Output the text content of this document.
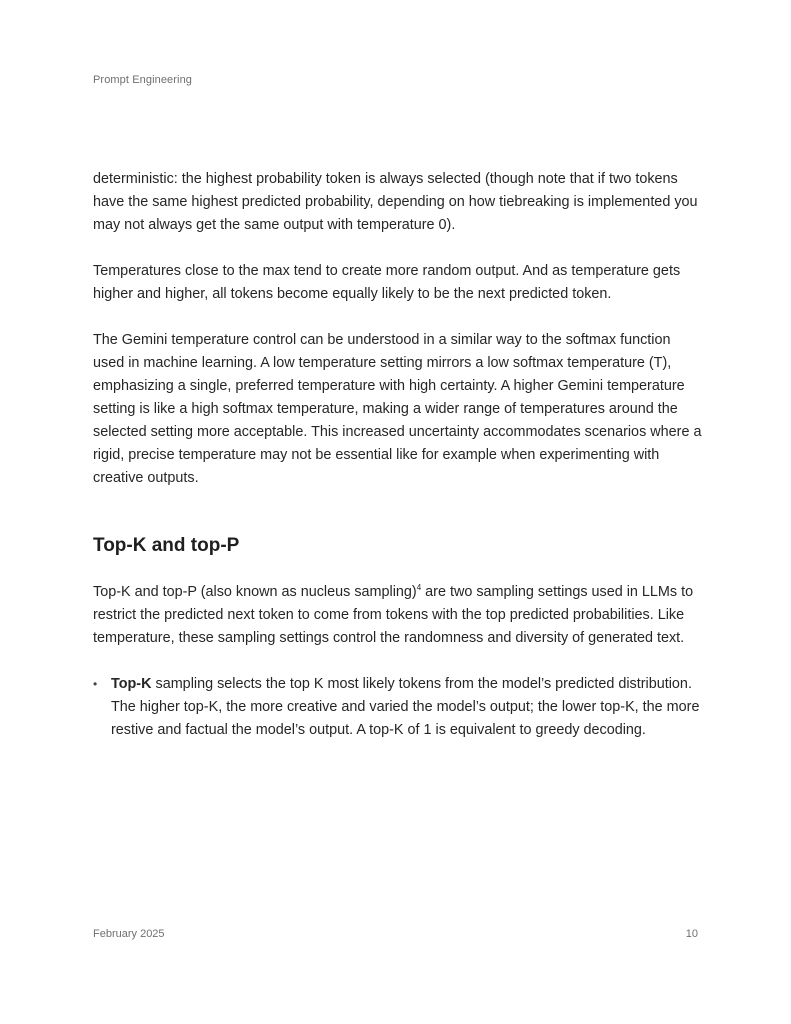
Prompt Engineering

deterministic: the highest probability token is always selected (though note that if two tokens have the same highest predicted probability, depending on how tiebreaking is implemented you may not always get the same output with temperature 0).

Temperatures close to the max tend to create more random output. And as temperature gets higher and higher, all tokens become equally likely to be the next predicted token.

The Gemini temperature control can be understood in a similar way to the softmax function used in machine learning. A low temperature setting mirrors a low softmax temperature (T), emphasizing a single, preferred temperature with high certainty. A higher Gemini temperature setting is like a high softmax temperature, making a wider range of temperatures around the selected setting more acceptable. This increased uncertainty accommodates scenarios where a rigid, precise temperature may not be essential like for example when experimenting with creative outputs.

Top-K and top-P

Top-K and top-P (also known as nucleus sampling)$^4$ are two sampling settings used in LLMs to restrict the predicted next token to come from tokens with the top predicted probabilities. Like temperature, these sampling settings control the randomness and diversity of generated text.

• Top-K sampling selects the top K most likely tokens from the model’s predicted distribution. The higher top-K, the more creative and varied the model’s output; the lower top-K, the more restive and factual the model’s output. A top-K of 1 is equivalent to greedy decoding.
February 2025	10
